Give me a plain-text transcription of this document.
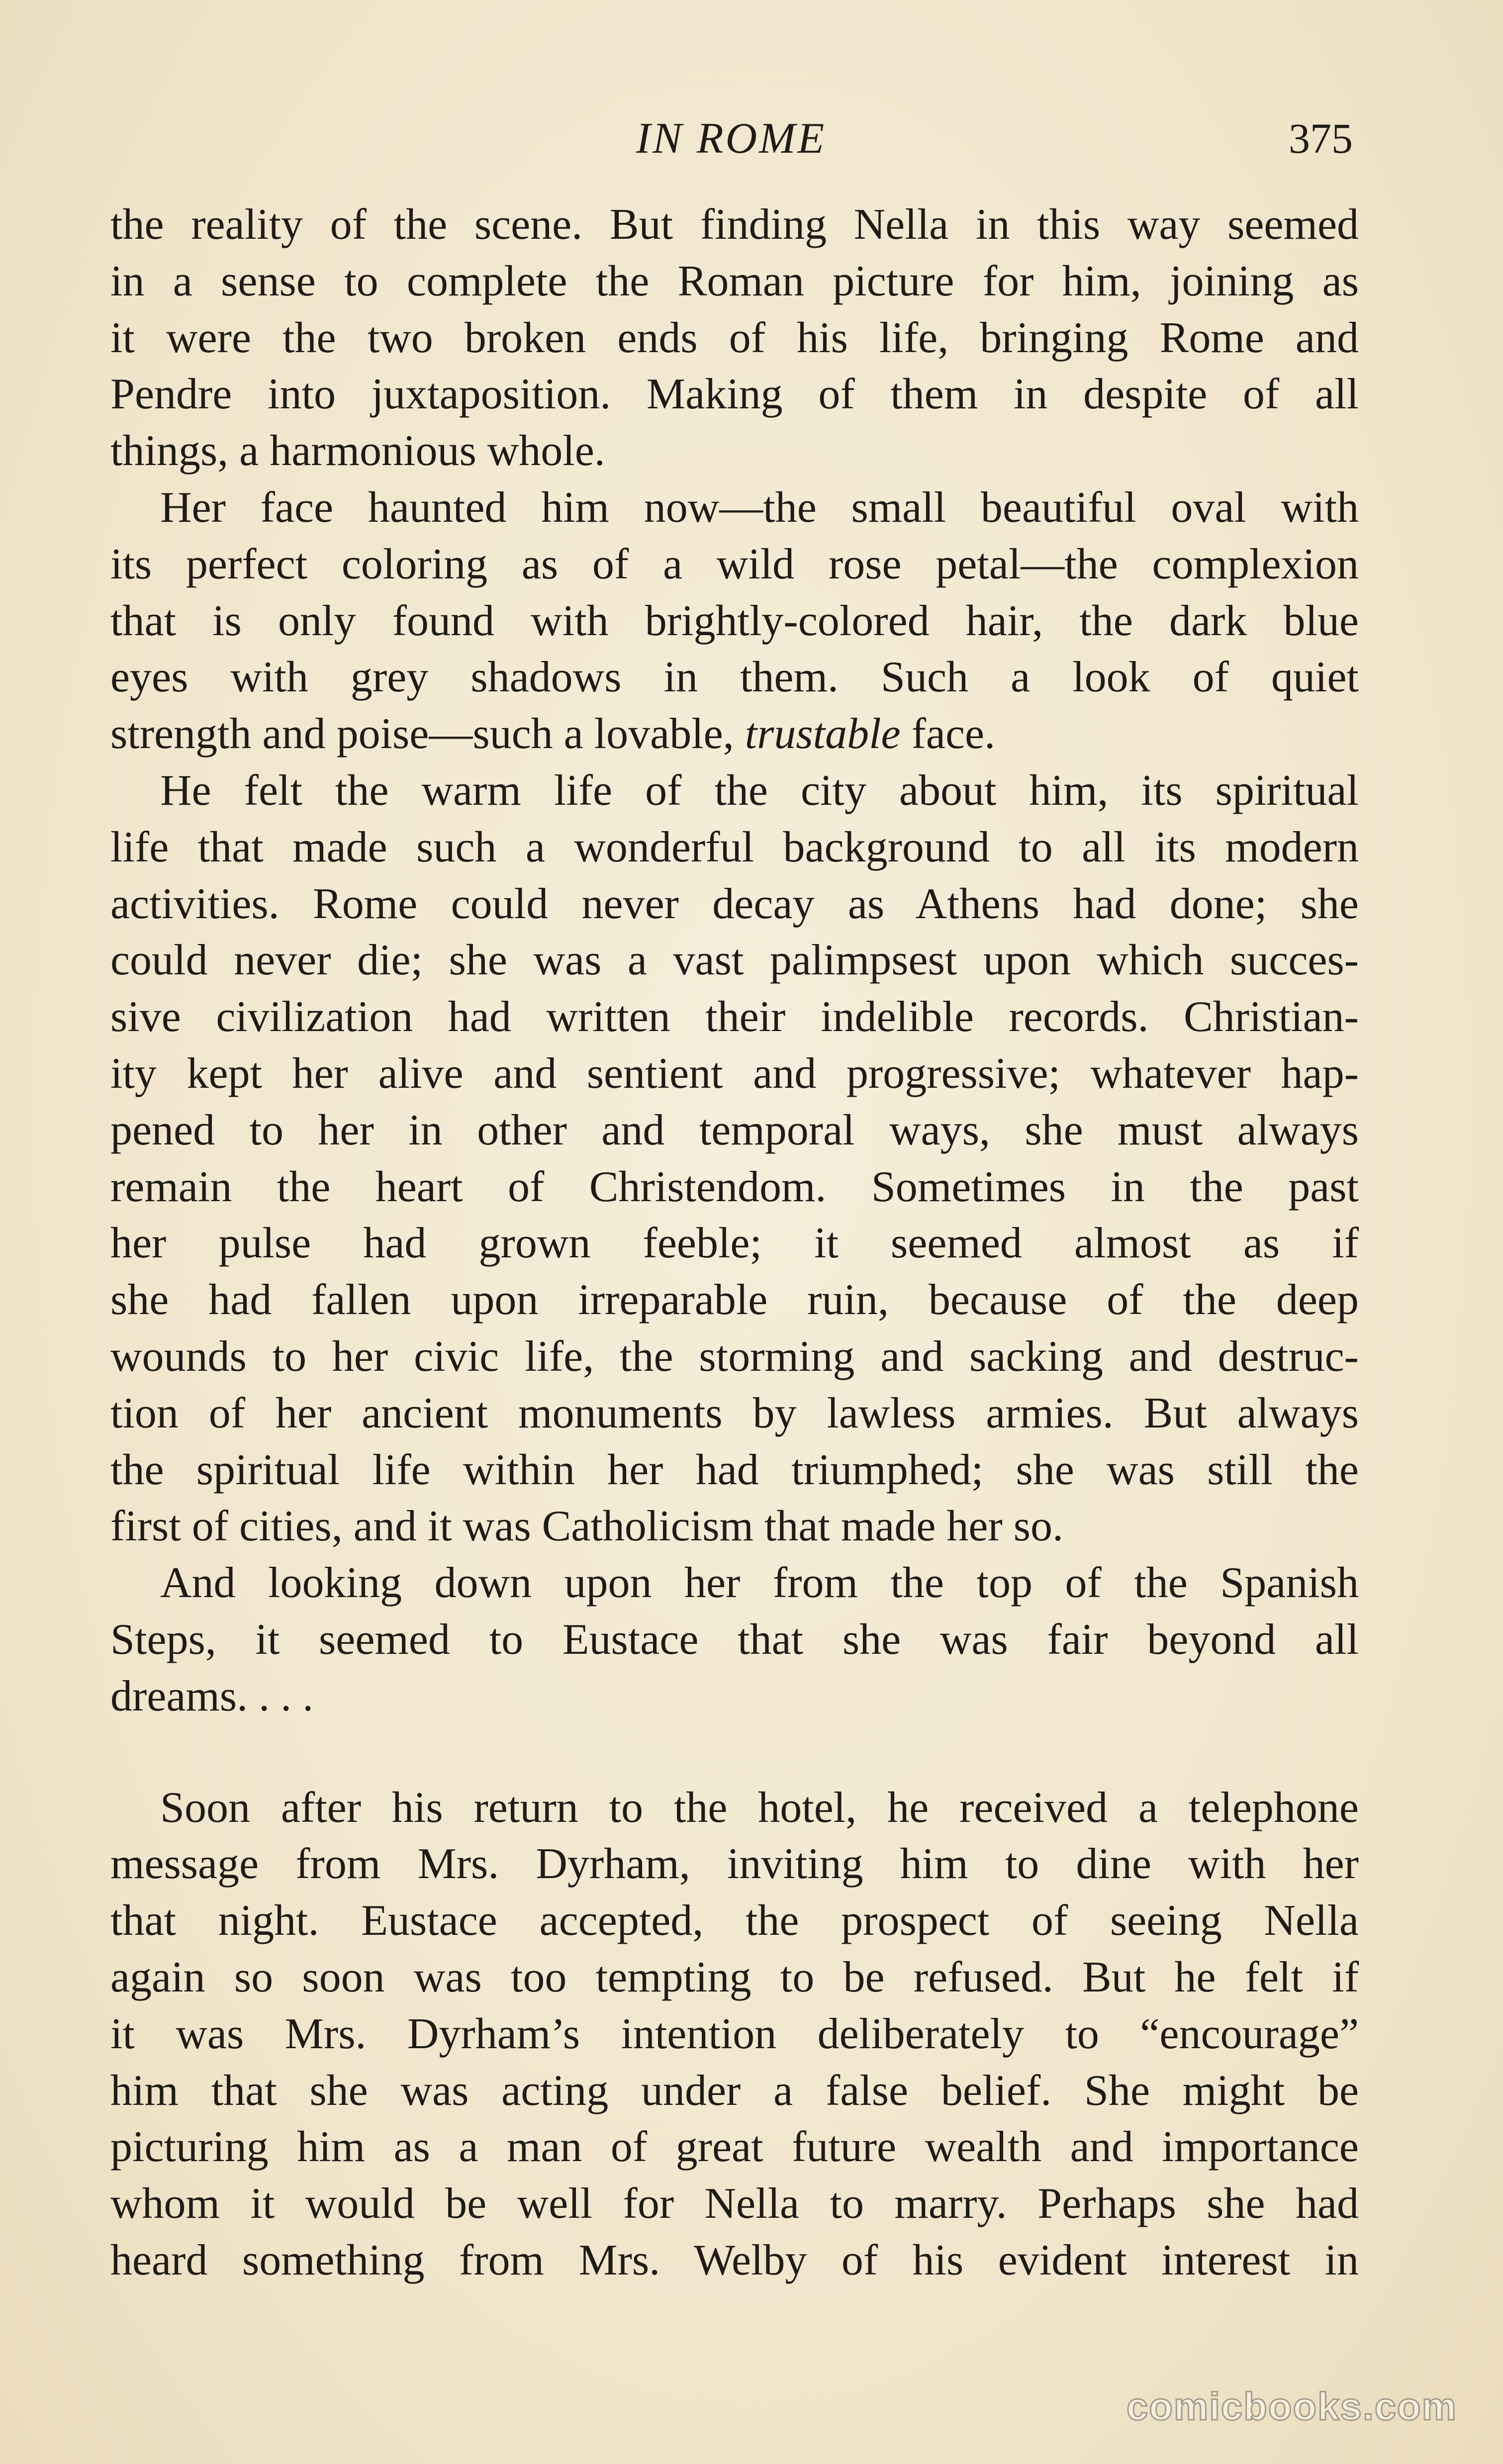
IN ROME	375
the reality of the scene. But finding Nella in this way seemed
in a sense to complete the Roman picture for him, joining as
it were the two broken ends of his life, bringing Rome and
Pendre into juxtaposition. Making of them in despite of all
things, a harmonious whole.
Her face haunted him now—the small beautiful oval with
its perfect coloring as of a wild rose petal—the complexion
that is only found with brightly-colored hair, the dark blue
eyes with grey shadows in them. Such a look of quiet
strength and poise—such a lovable, trustable face.
He felt the warm life of the city about him, its spiritual
life that made such a wonderful background to all its modern
activities. Rome could never decay as Athens had done; she
could never die; she was a vast palimpsest upon which succes-
sive civilization had written their indelible records. Christian-
ity kept her alive and sentient and progressive; whatever hap-
pened to her in other and temporal ways, she must always
remain the heart of Christendom. Sometimes in the past
her pulse had grown feeble; it seemed almost as if
she had fallen upon irreparable ruin, because of the deep
wounds to her civic life, the storming and sacking and destruc-
tion of her ancient monuments by lawless armies. But always
the spiritual life within her had triumphed; she was still the
first of cities, and it was Catholicism that made her so.
And looking down upon her from the top of the Spanish
Steps, it seemed to Eustace that she was fair beyond all
dreams. . . .
Soon after his return to the hotel, he received a telephone
message from Mrs. Dyrham, inviting him to dine with her
that night. Eustace accepted, the prospect of seeing Nella
again so soon was too tempting to be refused. But he felt if
it was Mrs. Dyrham’s intention deliberately to “encourage”
him that she was acting under a false belief. She might be
picturing him as a man of great future wealth and importance
whom it would be well for Nella to marry. Perhaps she had
heard something from Mrs. Welby of his evident interest in
comicbooks.com
